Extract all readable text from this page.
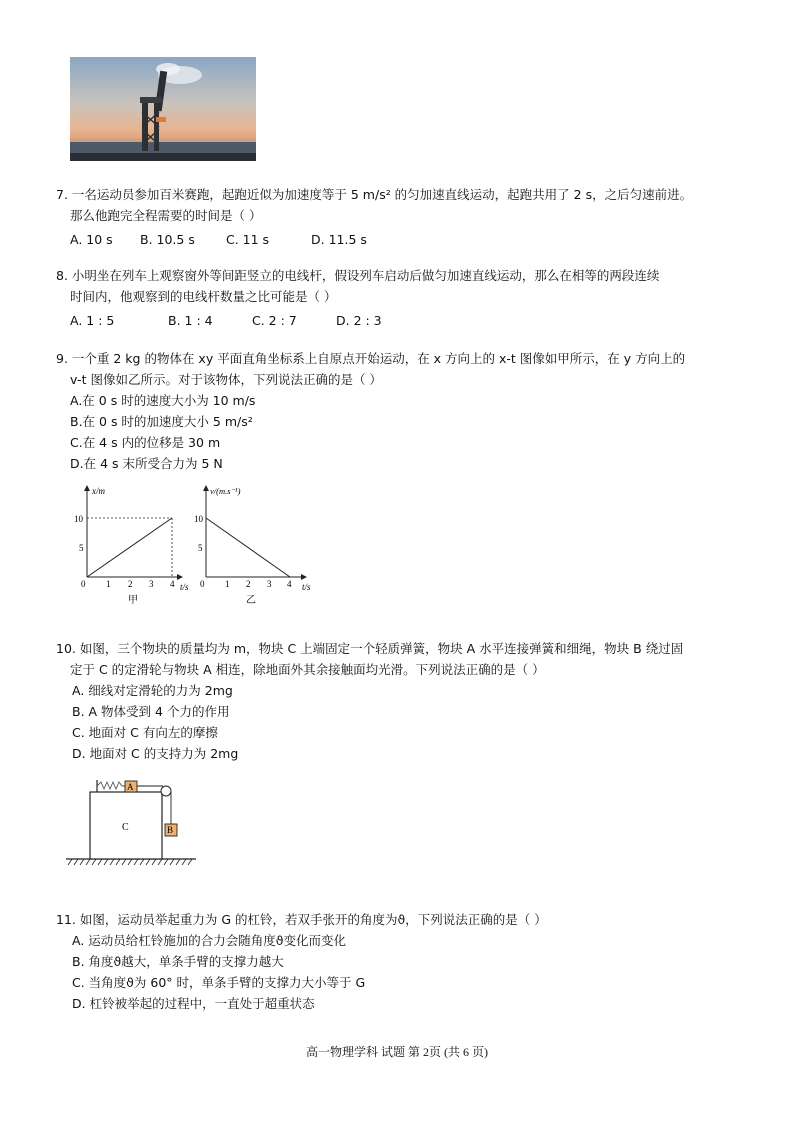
7. 一名运动员参加百米赛跑，起跑近似为加速度等于 5 m/s² 的匀加速直线运动，起跑共用了 2 s，之后匀速前进。
那么他跑完全程需要的时间是（ ）
A. 10 s	B. 10.5 s	C. 11 s	D. 11.5 s
8. 小明坐在列车上观察窗外等间距竖立的电线杆，假设列车启动后做匀加速直线运动，那么在相等的两段连续
时间内，他观察到的电线杆数量之比可能是（ ）
A. 1 : 5	B. 1 : 4	C. 2 : 7	D. 2 : 3
9. 一个重 2 kg 的物体在 xy 平面直角坐标系上自原点开始运动，在 x 方向上的 x-t 图像如甲所示，在 y 方向上的
v-t 图像如乙所示。对于该物体，下列说法正确的是（ ）
A.在 0 s 时的速度大小为 10 m/s
B.在 0 s 时的加速度大小 5 m/s²
C.在 4 s 内的位移是 30 m
D.在 4 s 末所受合力为 5 N
x/m
t/s
10
5
0 1 2 3 4
甲
v/(m.s⁻¹)
t/s
10
5
0 1 2 3 4
乙
10. 如图，三个物块的质量均为 m，物块 C 上端固定一个轻质弹簧，物块 A 水平连接弹簧和细绳，物块 B 绕过固
定于 C 的定滑轮与物块 A 相连，除地面外其余接触面均光滑。下列说法正确的是（ ）
A. 细线对定滑轮的力为 2mg
B. A 物体受到 4 个力的作用
C. 地面对 C 有向左的摩擦
D. 地面对 C 的支持力为 2mg
C
A
B
11. 如图，运动员举起重力为 G 的杠铃，若双手张开的角度为ϑ，下列说法正确的是（ ）
A. 运动员给杠铃施加的合力会随角度ϑ变化而变化
B. 角度ϑ越大，单条手臂的支撑力越大
C. 当角度ϑ为 60° 时，单条手臂的支撑力大小等于 G
D. 杠铃被举起的过程中，一直处于超重状态
高一物理学科 试题 第 2页 (共 6 页)
